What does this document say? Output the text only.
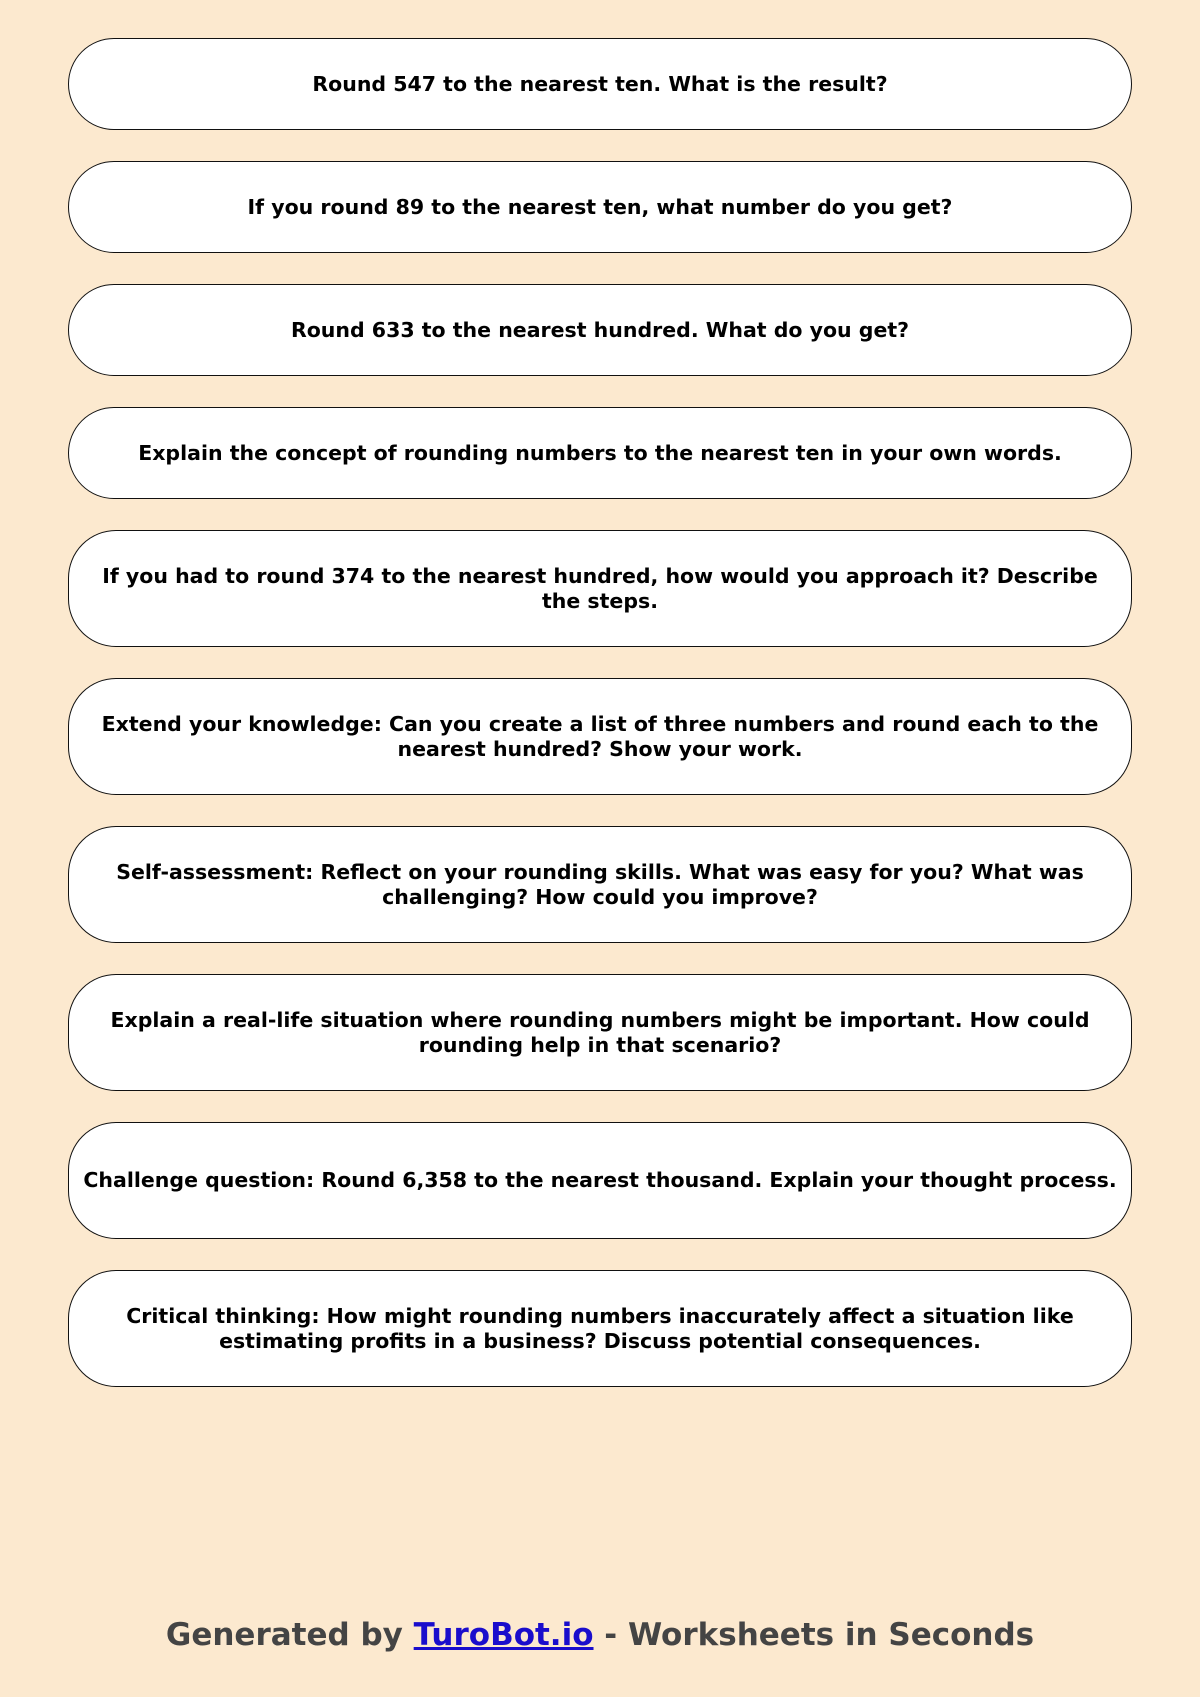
Round 547 to the nearest ten. What is the result?
If you round 89 to the nearest ten, what number do you get?
Round 633 to the nearest hundred. What do you get?
Explain the concept of rounding numbers to the nearest ten in your own words.
If you had to round 374 to the nearest hundred, how would you approach it? Describe the steps.
Extend your knowledge: Can you create a list of three numbers and round each to the nearest hundred? Show your work.
Self-assessment: Reflect on your rounding skills. What was easy for you? What was challenging? How could you improve?
Explain a real-life situation where rounding numbers might be important. How could rounding help in that scenario?
Challenge question: Round 6,358 to the nearest thousand. Explain your thought process.
Critical thinking: How might rounding numbers inaccurately affect a situation like estimating profits in a business? Discuss potential consequences.
Generated by TuroBot.io - Worksheets in Seconds
